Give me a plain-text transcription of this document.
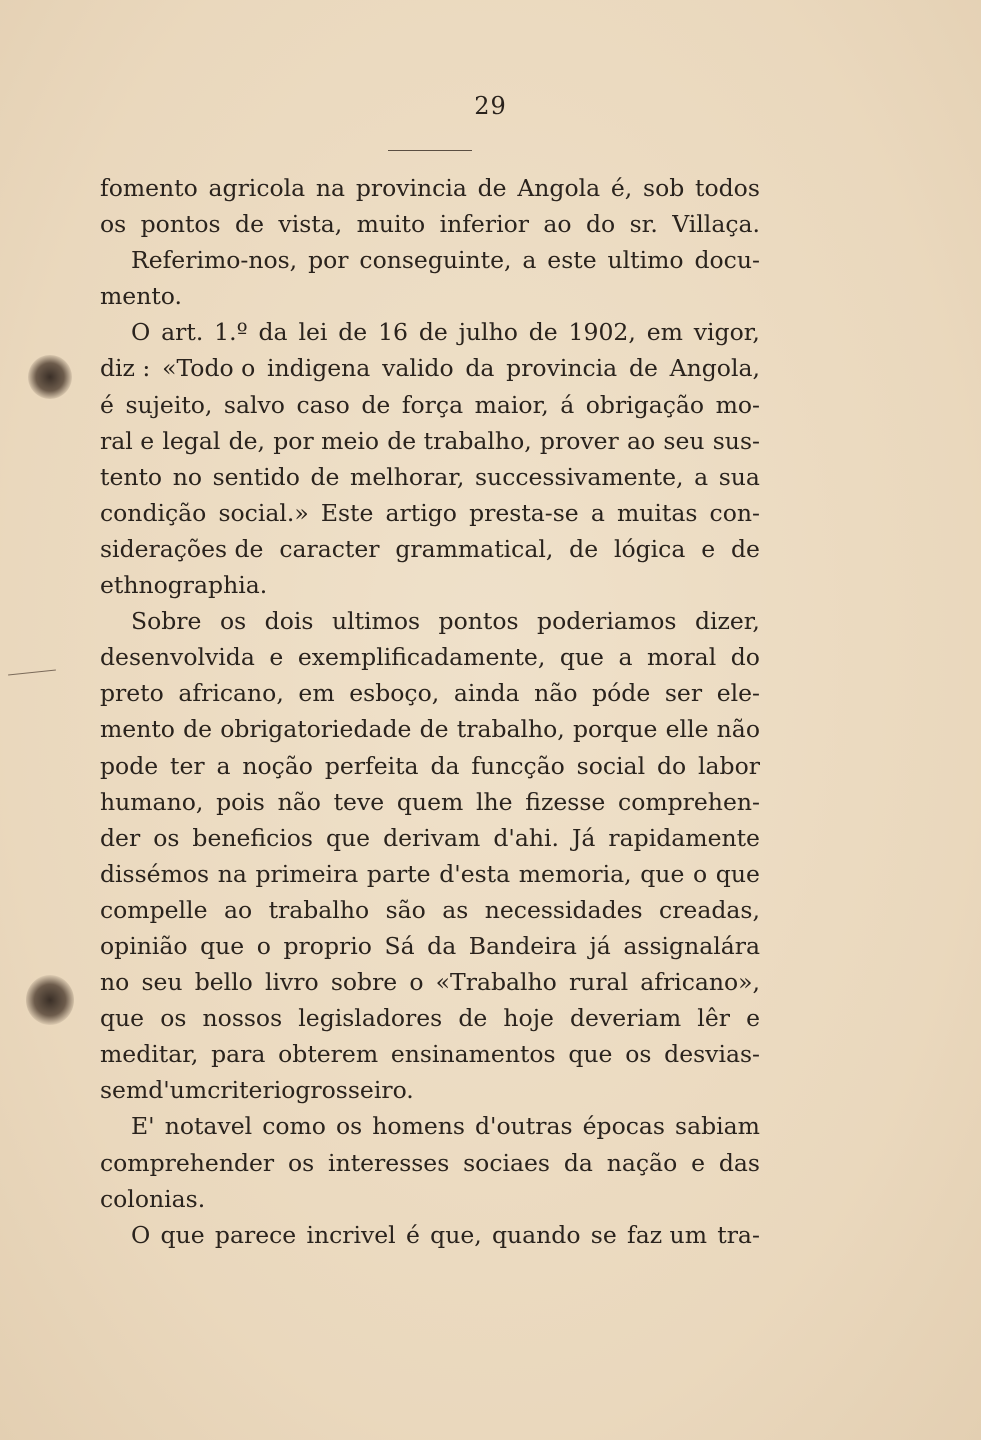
29
fomento agricola na provincia de Angola é, sob todos
os pontos de vista, muito inferior ao do sr. Villaça.
Referimo-nos, por conseguinte, a este ultimo docu-
mento.
O art. 1.º da lei de 16 de julho de 1902, em vigor,
diz : «Todo o indigena valido da provincia de Angola,
é sujeito, salvo caso de força maior, á obrigação mo-
ral e legal de, por meio de trabalho, prover ao seu sus-
tento no sentido de melhorar, successivamente, a sua
condição social.» Este artigo presta-se a muitas con-
siderações de caracter grammatical, de lógica e de
ethnographia.
Sobre os dois ultimos pontos poderiamos dizer,
desenvolvida e exemplificadamente, que a moral do
preto africano, em esboço, ainda não póde ser ele-
mento de obrigatoriedade de trabalho, porque elle não
pode ter a noção perfeita da funcção social do labor
humano, pois não teve quem lhe fizesse comprehen-
der os beneficios que derivam d'ahi. Já rapidamente
dissémos na primeira parte d'esta memoria, que o que
compelle ao trabalho são as necessidades creadas,
opinião que o proprio Sá da Bandeira já assignalára
no seu bello livro sobre o «Trabalho rural africano»,
que os nossos legisladores de hoje deveriam lêr e
meditar, para obterem ensinamentos que os desvias-
sem d'um criterio grosseiro.
E' notavel como os homens d'outras épocas sabiam
comprehender os interesses sociaes da nação e das
colonias.
O que parece incrivel é que, quando se faz um tra-
